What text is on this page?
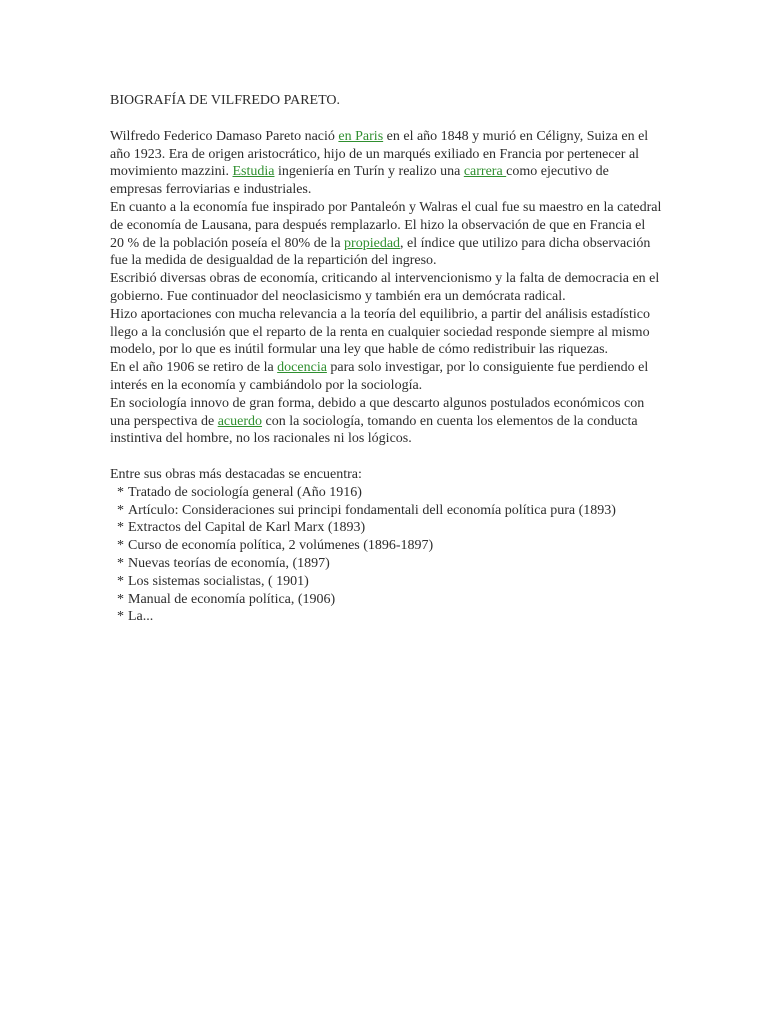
BIOGRAFÍA DE VILFREDO PARETO.

Wilfredo Federico Damaso Pareto nació en Paris en el año 1848 y murió en Céligny, Suiza en el año 1923. Era de origen aristocrático, hijo de un marqués exiliado en Francia por pertenecer al movimiento mazzini. Estudia ingeniería en Turín y realizo una carrera como ejecutivo de empresas ferroviarias e industriales.

En cuanto a la economía fue inspirado por Pantaleón y Walras el cual fue su maestro en la catedral de economía de Lausana, para después remplazarlo. El hizo la observación de que en Francia el 20 % de la población poseía el 80% de la propiedad, el índice que utilizo para dicha observación fue la medida de desigualdad de la repartición del ingreso.

Escribió diversas obras de economía, criticando al intervencionismo y la falta de democracia en el gobierno. Fue continuador del neoclasicismo y también era un demócrata radical.

Hizo aportaciones con mucha relevancia a la teoría del equilibrio, a partir del análisis estadístico llego a la conclusión que el reparto de la renta en cualquier sociedad responde siempre al mismo modelo, por lo que es inútil formular una ley que hable de cómo redistribuir las riquezas.

En el año 1906 se retiro de la docencia para solo investigar, por lo consiguiente fue perdiendo el interés en la economía y cambiándolo por la sociología.

En sociología innovo de gran forma, debido a que descarto algunos postulados económicos con una perspectiva de acuerdo con la sociología, tomando en cuenta los elementos de la conducta instintiva del hombre, no los racionales ni los lógicos.

Entre sus obras más destacadas se encuentra:

* Tratado de sociología general (Año 1916)
* Artículo: Consideraciones sui principi fondamentali dell economía política pura (1893)
* Extractos del Capital de Karl Marx (1893)
* Curso de economía política, 2 volúmenes (1896-1897)
* Nuevas teorías de economía, (1897)
* Los sistemas socialistas, ( 1901)
* Manual de economía política, (1906)
* La...
